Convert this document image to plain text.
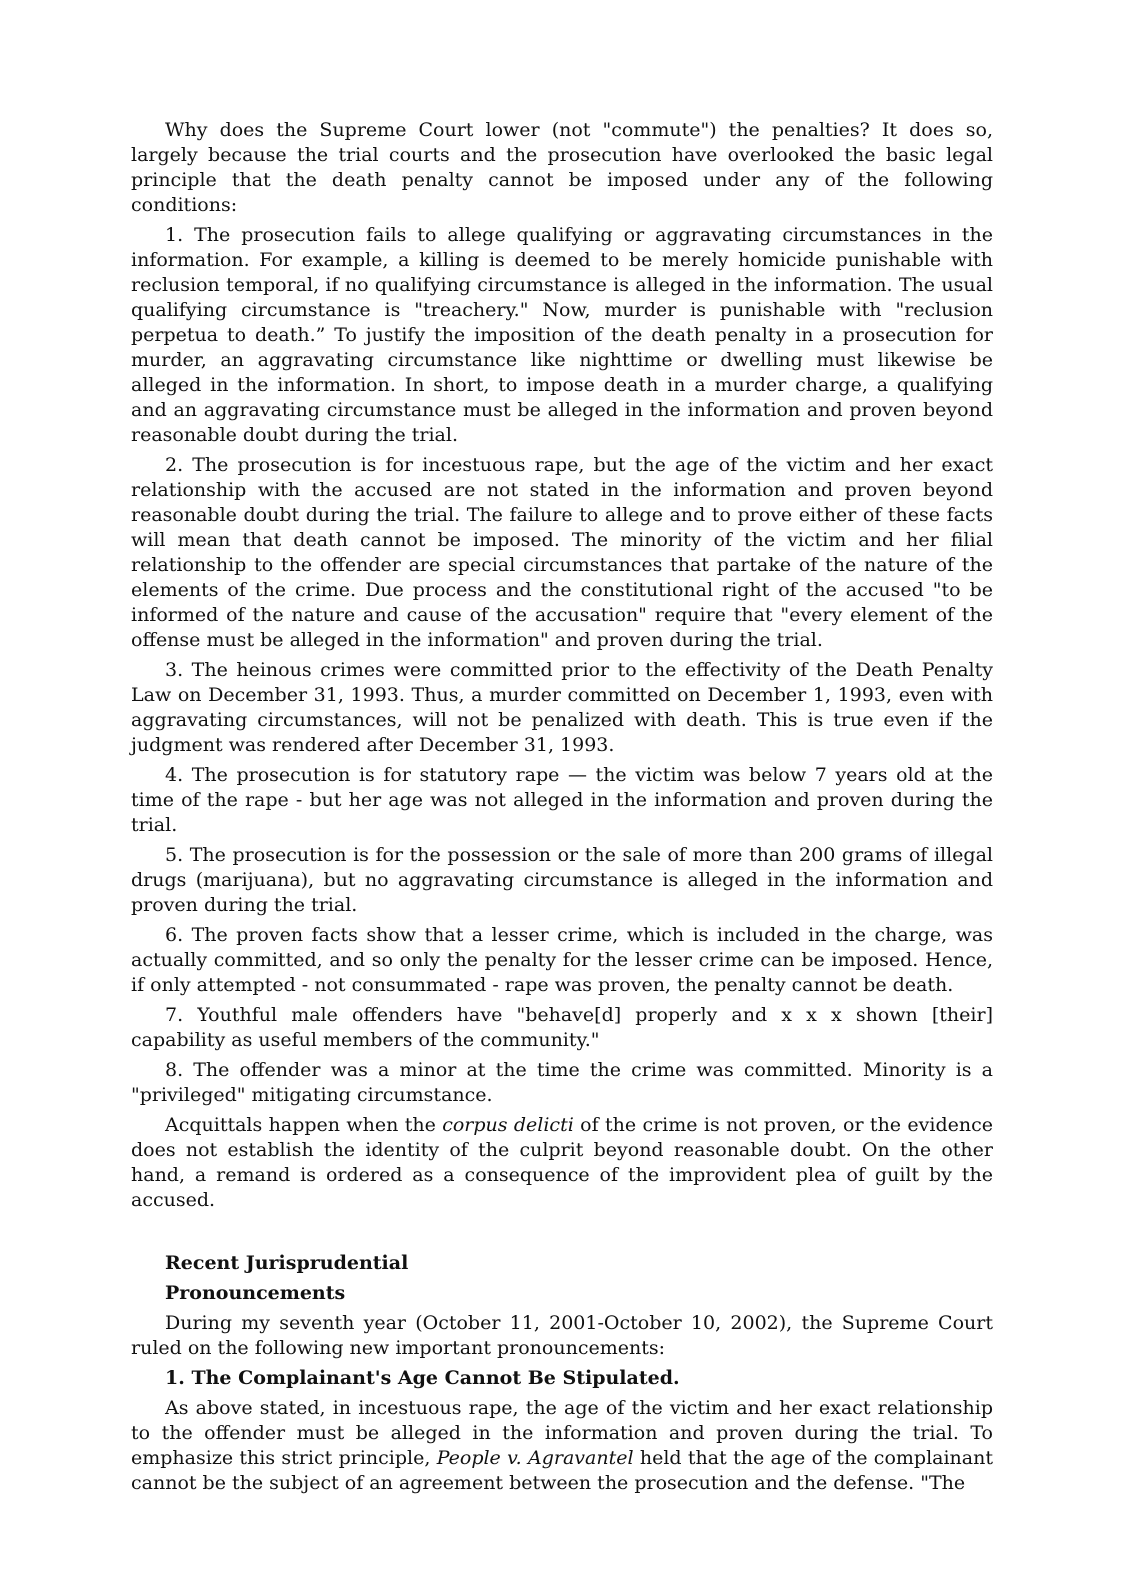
Why does the Supreme Court lower (not "commute") the penalties? It does so, largely because the trial courts and the prosecution have overlooked the basic legal principle that the death penalty cannot be imposed under any of the following conditions:

1. The prosecution fails to allege qualifying or aggravating circumstances in the information. For example, a killing is deemed to be merely homicide punishable with reclusion temporal, if no qualifying circumstance is alleged in the information. The usual qualifying circumstance is "treachery." Now, murder is punishable with "reclusion perpetua to death.” To justify the imposition of the death penalty in a prosecution for murder, an aggravating circumstance like nighttime or dwelling must likewise be alleged in the information. In short, to impose death in a murder charge, a qualifying and an aggravating circumstance must be alleged in the information and proven beyond reasonable doubt during the trial.

2. The prosecution is for incestuous rape, but the age of the victim and her exact relationship with the accused are not stated in the information and proven beyond reasonable doubt during the trial. The failure to allege and to prove either of these facts will mean that death cannot be imposed. The minority of the victim and her filial relationship to the offender are special circumstances that partake of the nature of the elements of the crime. Due process and the constitutional right of the accused "to be informed of the nature and cause of the accusation" require that "every element of the offense must be alleged in the information" and proven during the trial.

3. The heinous crimes were committed prior to the effectivity of the Death Penalty Law on December 31, 1993. Thus, a murder committed on December 1, 1993, even with aggravating circumstances, will not be penalized with death. This is true even if the judgment was rendered after December 31, 1993.

4. The prosecution is for statutory rape — the victim was below 7 years old at the time of the rape - but her age was not alleged in the information and proven during the trial.

5. The prosecution is for the possession or the sale of more than 200 grams of illegal drugs (marijuana), but no aggravating circumstance is alleged in the information and proven during the trial.

6. The proven facts show that a lesser crime, which is included in the charge, was actually committed, and so only the penalty for the lesser crime can be imposed. Hence, if only attempted - not consummated - rape was proven, the penalty cannot be death.

7. Youthful male offenders have "behave[d] properly and x x x shown [their] capability as useful members of the community."

8. The offender was a minor at the time the crime was committed. Minority is a "privileged" mitigating circumstance.

Acquittals happen when the corpus delicti of the crime is not proven, or the evidence does not establish the identity of the culprit beyond reasonable doubt. On the other hand, a remand is ordered as a consequence of the improvident plea of guilt by the accused.

Recent Jurisprudential
Pronouncements

During my seventh year (October 11, 2001-October 10, 2002), the Supreme Court ruled on the following new important pronouncements:

1. The Complainant's Age Cannot Be Stipulated.

As above stated, in incestuous rape, the age of the victim and her exact relationship to the offender must be alleged in the information and proven during the trial. To emphasize this strict principle, People v. Agravantel held that the age of the complainant cannot be the subject of an agreement between the prosecution and the defense. "The
